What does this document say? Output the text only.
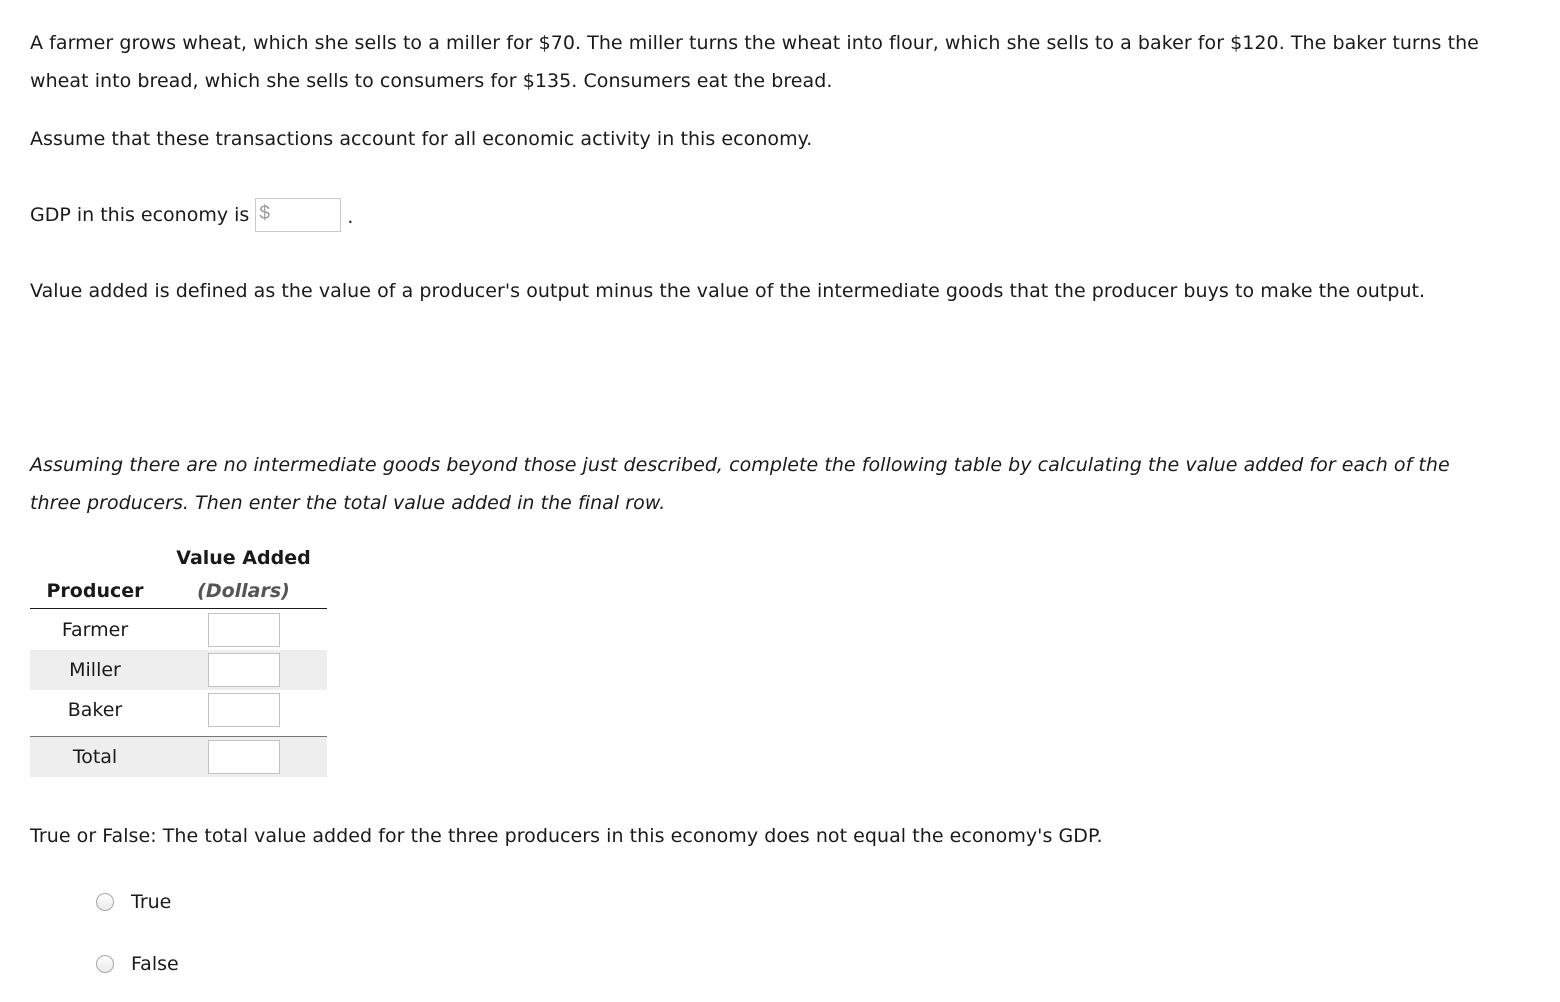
A farmer grows wheat, which she sells to a miller for $70. The miller turns the wheat into flour, which she sells to a baker for $120. The baker turns the wheat into bread, which she sells to consumers for $135. Consumers eat the bread.

Assume that these transactions account for all economic activity in this economy.

GDP in this economy is $	.

Value added is defined as the value of a producer's output minus the value of the intermediate goods that the producer buys to make the output.

Assuming there are no intermediate goods beyond those just described, complete the following table by calculating the value added for each of the three producers. Then enter the total value added in the final row.

Value Added
Producer	(Dollars)
Farmer
Miller
Baker
Total

True or False: The total value added for the three producers in this economy does not equal the economy's GDP.

True
False
